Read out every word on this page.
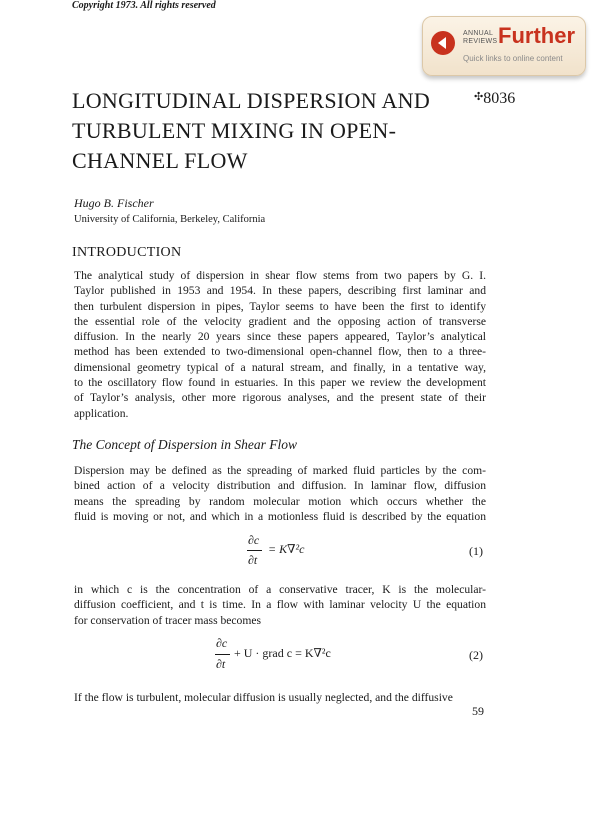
Copyright 1973. All rights reserved
ANNUAL
REVIEWS Further
Quick links to online content
LONGITUDINAL DISPERSION AND
TURBULENT MIXING IN OPEN-
CHANNEL FLOW
✣8036
Hugo B. Fischer
University of California, Berkeley, California
INTRODUCTION
The analytical study of dispersion in shear flow stems from two papers by G. I.
Taylor published in 1953 and 1954. In these papers, describing first laminar and
then turbulent dispersion in pipes, Taylor seems to have been the first to identify
the essential role of the velocity gradient and the opposing action of transverse
diffusion. In the nearly 20 years since these papers appeared, Taylor’s analytical
method has been extended to two-dimensional open-channel flow, then to a three-
dimensional geometry typical of a natural stream, and finally, in a tentative way,
to the oscillatory flow found in estuaries. In this paper we review the development
of Taylor’s analysis, other more rigorous analyses, and the present state of their
application.
The Concept of Dispersion in Shear Flow
Dispersion may be defined as the spreading of marked fluid particles by the com-
bined action of a velocity distribution and diffusion. In laminar flow, diffusion
means the spreading by random molecular motion which occurs whether the
fluid is moving or not, and which in a motionless fluid is described by the equation
∂c
∂t
= K∇²c	(1)
in which c is the concentration of a conservative tracer, K is the molecular-
diffusion coefficient, and t is time. In a flow with laminar velocity U the equation
for conservation of tracer mass becomes
∂c
∂t
+ U · grad c = K∇²c	(2)
If the flow is turbulent, molecular diffusion is usually neglected, and the diffusive
59
